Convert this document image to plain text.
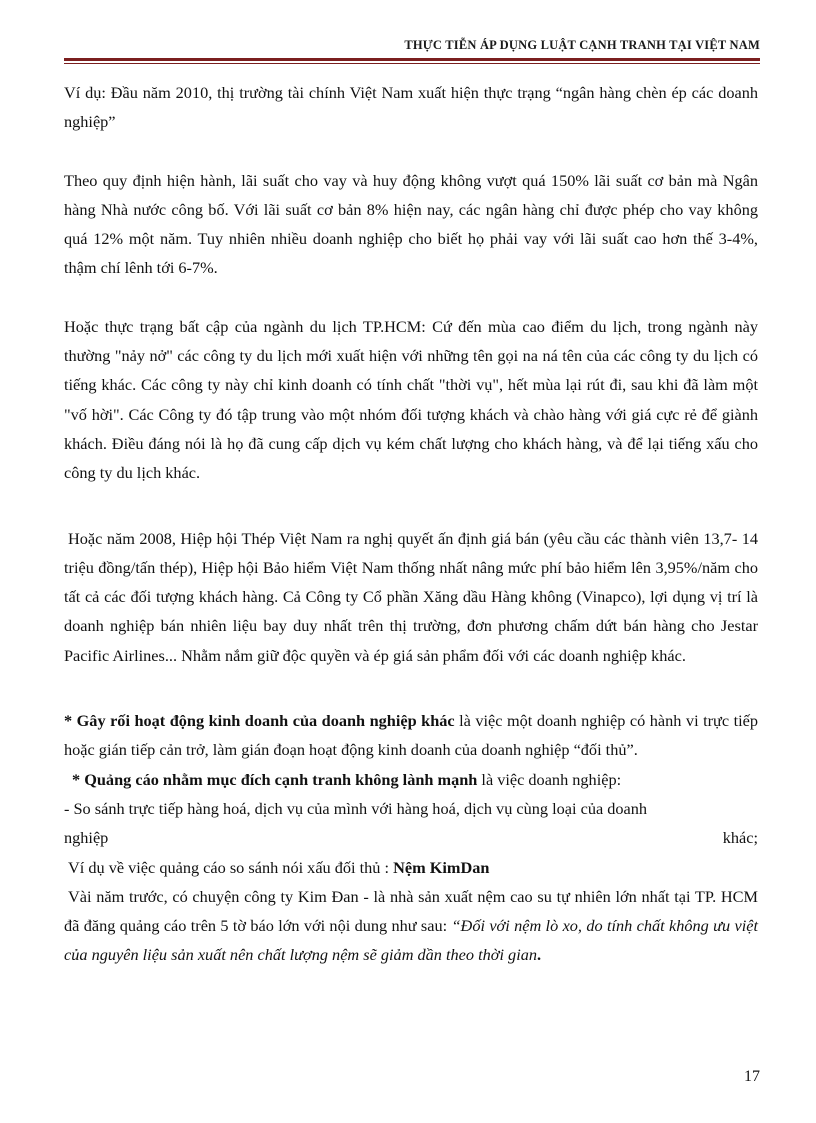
THỰC TIỄN ÁP DỤNG LUẬT CẠNH TRANH TẠI VIỆT NAM

Ví dụ: Đầu năm 2010, thị trường tài chính Việt Nam xuất hiện thực trạng “ngân hàng chèn ép các doanh nghiệp”

Theo quy định hiện hành, lãi suất cho vay và huy động không vượt quá 150% lãi suất cơ bản mà Ngân hàng Nhà nước công bố. Với lãi suất cơ bản 8% hiện nay, các ngân hàng chỉ được phép cho vay không quá 12% một năm. Tuy nhiên nhiều doanh nghiệp cho biết họ phải vay với lãi suất cao hơn thế 3-4%, thậm chí lênh tới 6-7%.

Hoặc thực trạng bất cập của ngành du lịch TP.HCM: Cứ đến mùa cao điểm du lịch, trong ngành này thường "nảy nở" các công ty du lịch mới xuất hiện với những tên gọi na ná tên của các công ty du lịch có tiếng khác. Các công ty này chỉ kinh doanh có tính chất "thời vụ", hết mùa lại rút đi, sau khi đã làm một "vố hời". Các Công ty đó tập trung vào một nhóm đối tượng khách và chào hàng với giá cực rẻ để giành khách. Điều đáng nói là họ đã cung cấp dịch vụ kém chất lượng cho khách hàng, và để lại tiếng xấu cho công ty du lịch khác.

Hoặc năm 2008, Hiệp hội Thép Việt Nam ra nghị quyết ấn định giá bán (yêu cầu các thành viên 13,7- 14 triệu đồng/tấn thép), Hiệp hội Bảo hiểm Việt Nam thống nhất nâng mức phí bảo hiểm lên 3,95%/năm cho tất cả các đối tượng khách hàng. Cả Công ty Cổ phần Xăng dầu Hàng không (Vinapco), lợi dụng vị trí là doanh nghiệp bán nhiên liệu bay duy nhất trên thị trường, đơn phương chấm dứt bán hàng cho Jestar Pacific Airlines... Nhằm nắm giữ độc quyền và ép giá sản phẩm đối với các doanh nghiệp khác.

* Gây rối hoạt động kinh doanh của doanh nghiệp khác là việc một doanh nghiệp có hành vi trực tiếp hoặc gián tiếp cản trở, làm gián đoạn hoạt động kinh doanh của doanh nghiệp “đối thủ”.

* Quảng cáo nhằm mục đích cạnh tranh không lành mạnh là việc doanh nghiệp:

- So sánh trực tiếp hàng hoá, dịch vụ của mình với hàng hoá, dịch vụ cùng loại của doanh

nghiệp khác;

Ví dụ về việc quảng cáo so sánh nói xấu đối thủ : Nệm KimDan

Vài năm trước, có chuyện công ty Kim Đan - là nhà sản xuất nệm cao su tự nhiên lớn nhất tại TP. HCM đã đăng quảng cáo trên 5 tờ báo lớn với nội dung như sau: “Đối với nệm lò xo, do tính chất không ưu việt của nguyên liệu sản xuất nên chất lượng nệm sẽ giảm dần theo thời gian.

17
